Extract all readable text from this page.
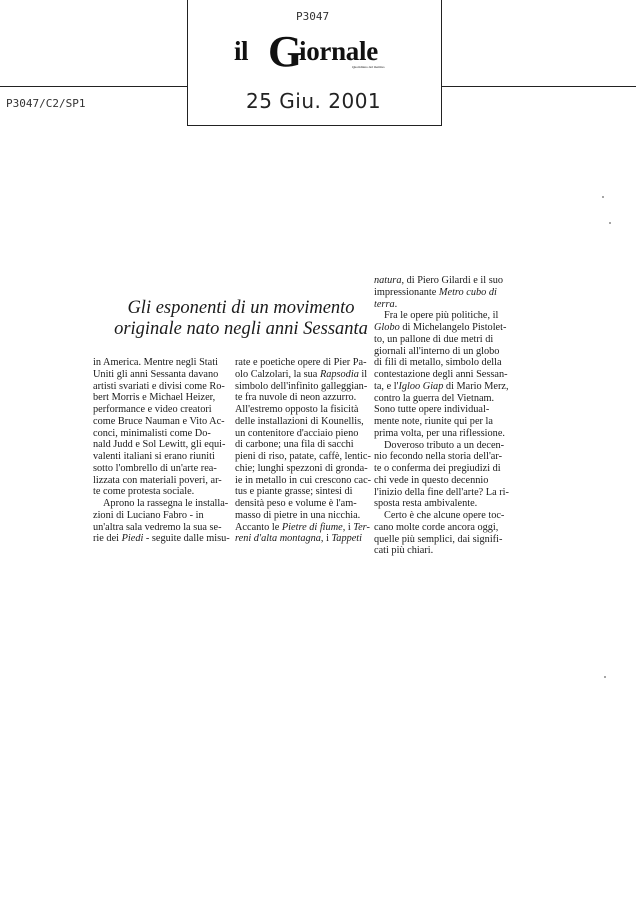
P3047
il G
iornale
Quotidiano del mattino
P3047/C2/SP1	25 Giu. 2001
Gli esponenti di un movimento
originale nato negli anni Sessanta
in America. Mentre negli Stati
Uniti gli anni Sessanta davano
artisti svariati e divisi come Ro-
bert Morris e Michael Heizer,
performance e video creatori
come Bruce Nauman e Vito Ac-
conci, minimalisti come Do-
nald Judd e Sol Lewitt, gli equi-
valenti italiani si erano riuniti
sotto l'ombrello di un'arte rea-
lizzata con materiali poveri, ar-
te come protesta sociale.
Aprono la rassegna le installa-
zioni di Luciano Fabro - in
un'altra sala vedremo la sua se-
rie dei Piedi - seguite dalle misu-
rate e poetiche opere di Pier Pa-
olo Calzolari, la sua Rapsodia il
simbolo dell'infinito galleggian-
te fra nuvole di neon azzurro.
All'estremo opposto la fisicità
delle installazioni di Kounellis,
un contenitore d'acciaio pieno
di carbone; una fila di sacchi
pieni di riso, patate, caffè, lentic-
chie; lunghi spezzoni di gronda-
ie in metallo in cui crescono cac-
tus e piante grasse; sintesi di
densità peso e volume è l'am-
masso di pietre in una nicchia.
Accanto le Pietre di fiume, i Ter-
reni d'alta montagna, i Tappeti
natura, di Piero Gilardi e il suo
impressionante Metro cubo di
terra.
Fra le opere più politiche, il
Globo di Michelangelo Pistolet-
to, un pallone di due metri di
giornali all'interno di un globo
di fili di metallo, simbolo della
contestazione degli anni Sessan-
ta, e l'Igloo Giap di Mario Merz,
contro la guerra del Vietnam.
Sono tutte opere individual-
mente note, riunite qui per la
prima volta, per una riflessione.
Doveroso tributo a un decen-
nio fecondo nella storia dell'ar-
te o conferma dei pregiudizi di
chi vede in questo decennio
l'inizio della fine dell'arte? La ri-
sposta resta ambivalente.
Certo è che alcune opere toc-
cano molte corde ancora oggi,
quelle più semplici, dai signifi-
cati più chiari.
